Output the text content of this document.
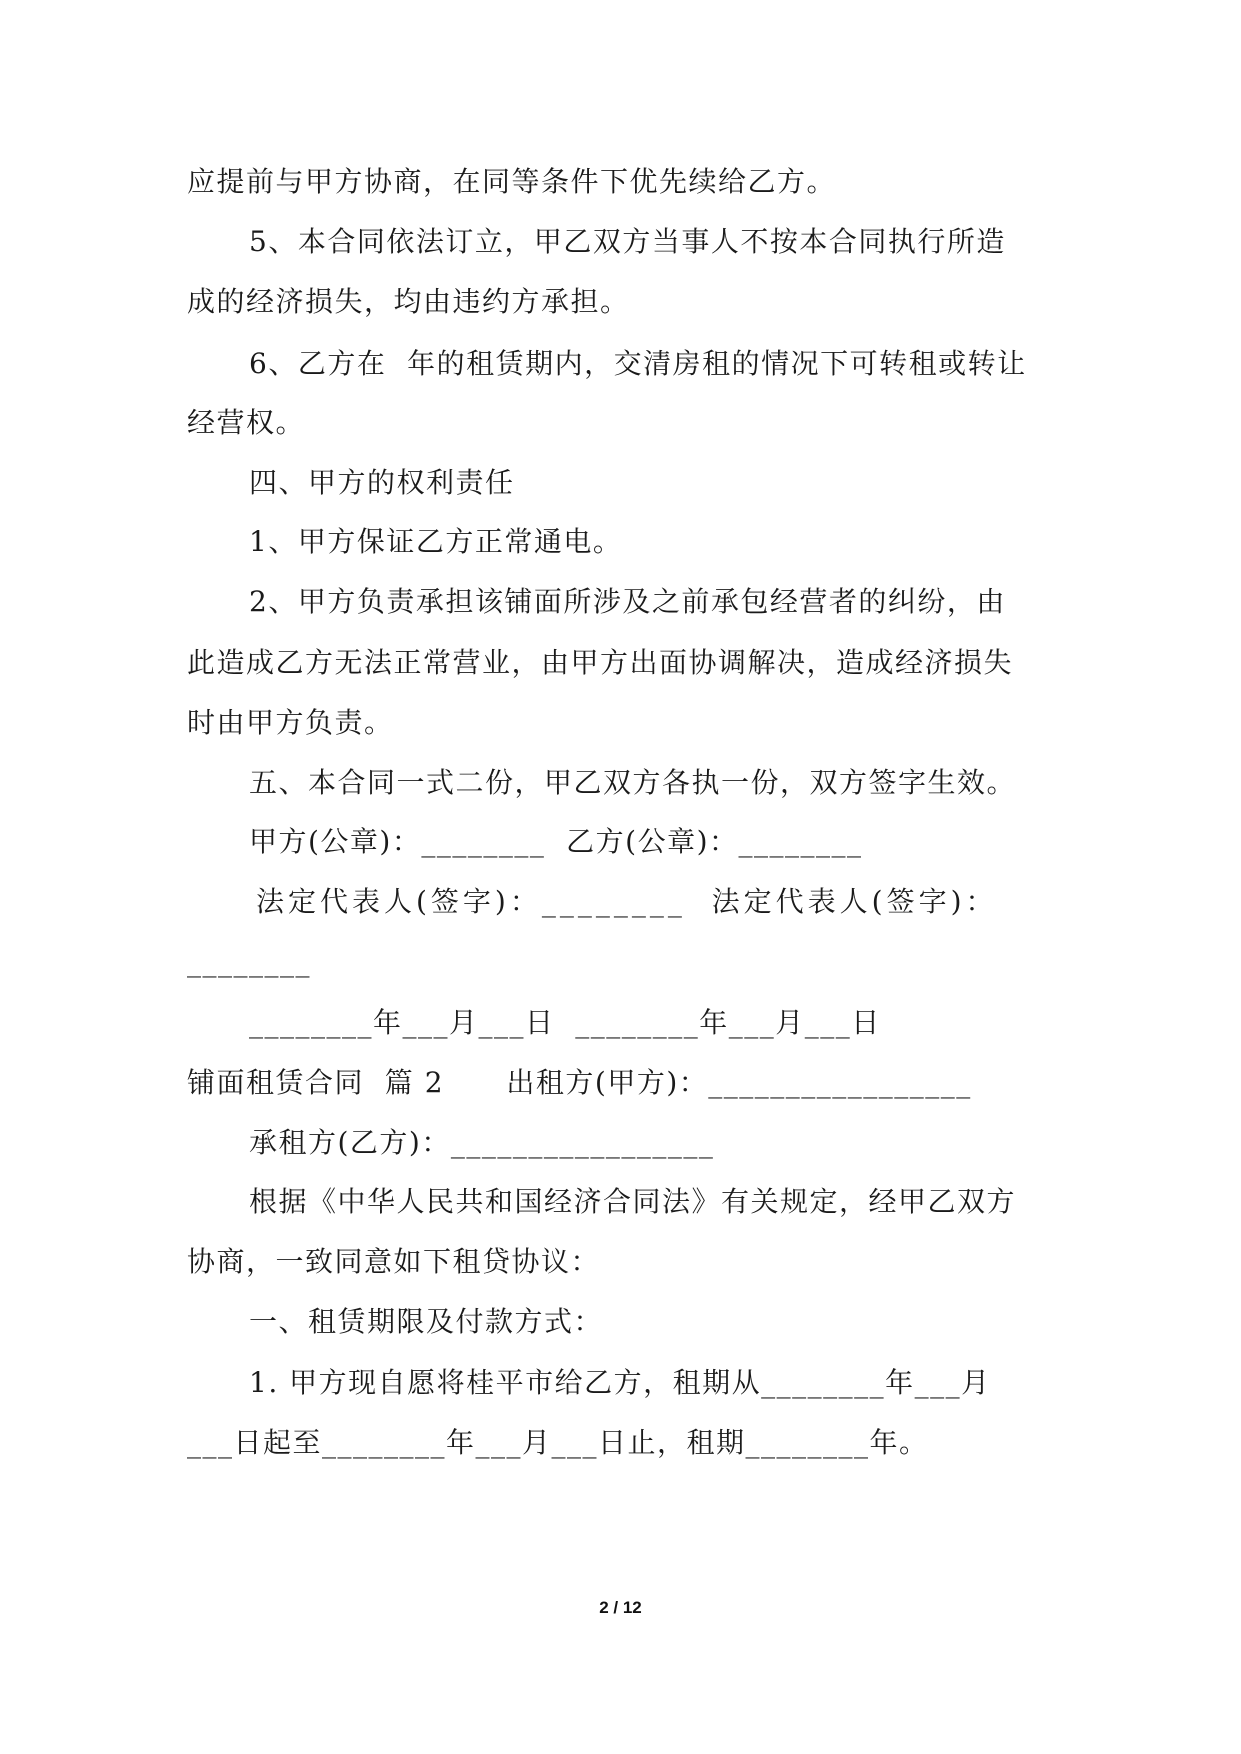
应提前与甲方协商，在同等条件下优先续给乙方。
5、本合同依法订立，甲乙双方当事人不按本合同执行所造
成的经济损失，均由违约方承担。
6、乙方在  年的租赁期内，交清房租的情况下可转租或转让
经营权。
四、甲方的权利责任
1、甲方保证乙方正常通电。
2、甲方负责承担该铺面所涉及之前承包经营者的纠纷，由
此造成乙方无法正常营业，由甲方出面协调解决，造成经济损失
时由甲方负责。
五、本合同一式二份，甲乙双方各执一份，双方签字生效。
甲方(公章)：________  乙方(公章)：________
法定代表人(签字)：________  法定代表人(签字)：
________
________年___月___日  ________年___月___日
铺面租赁合同  篇 2      出租方(甲方)：_________________
承租方(乙方)：_________________
根据《中华人民共和国经济合同法》有关规定，经甲乙双方
协商，一致同意如下租贷协议：
一、租赁期限及付款方式：
1. 甲方现自愿将桂平市给乙方，租期从________年___月
___日起至________年___月___日止，租期________年。
2 / 12
